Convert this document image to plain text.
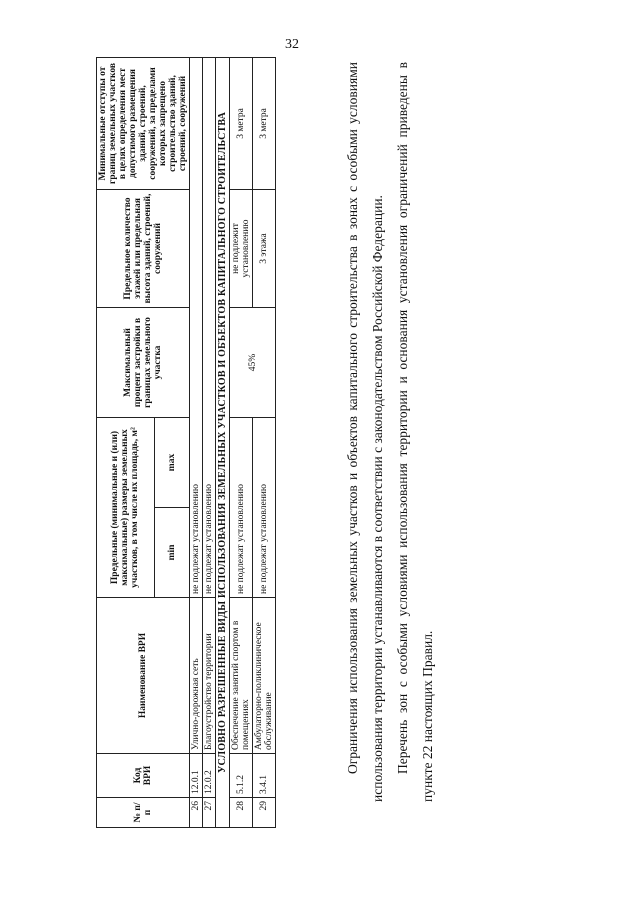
32
№ п/п	Код ВРИ	Наименование ВРИ	Предельные (минимальные и (или) максимальные) размеры земельных участков, в том числе их площадь, м²		Максимальный процент застройки в границах земельного участка	Предельное количество этажей или предельная высота зданий, строений, сооружений	Минимальные отступы от границ земельных участков в целях определения мест допустимого размещения зданий, строений, сооружений, за пределами которых запрещено строительство зданий, строений, сооружений
			min	max			
26	12.0.1	Улично-дорожная сеть	не подлежат установлению				
27	12.0.2	Благоустройство территории	не подлежат установлению				
УСЛОВНО РАЗРЕШЕННЫЕ ВИДЫ ИСПОЛЬЗОВАНИЯ ЗЕМЕЛЬНЫХ УЧАСТКОВ И ОБЪЕКТОВ КАПИТАЛЬНОГО СТРОИТЕЛЬСТВА							
28	5.1.2	Обеспечение занятий спортом в помещениях	не подлежат установлению		45%	не подлежит установлению	3 метра
29	3.4.1	Амбулаторно-поликлиническое обслуживание	не подлежат установлению			3 этажа	3 метра	Ограничения использования земельных участков и объектов капитального строительства в зонах с особыми условиями использования территории устанавливаются в соответствии с законодательством Российской Федерации. Перечень зон с особыми условиями использования территории и основания установления ограничений приведены в пункте 22 настоящих Правил.
